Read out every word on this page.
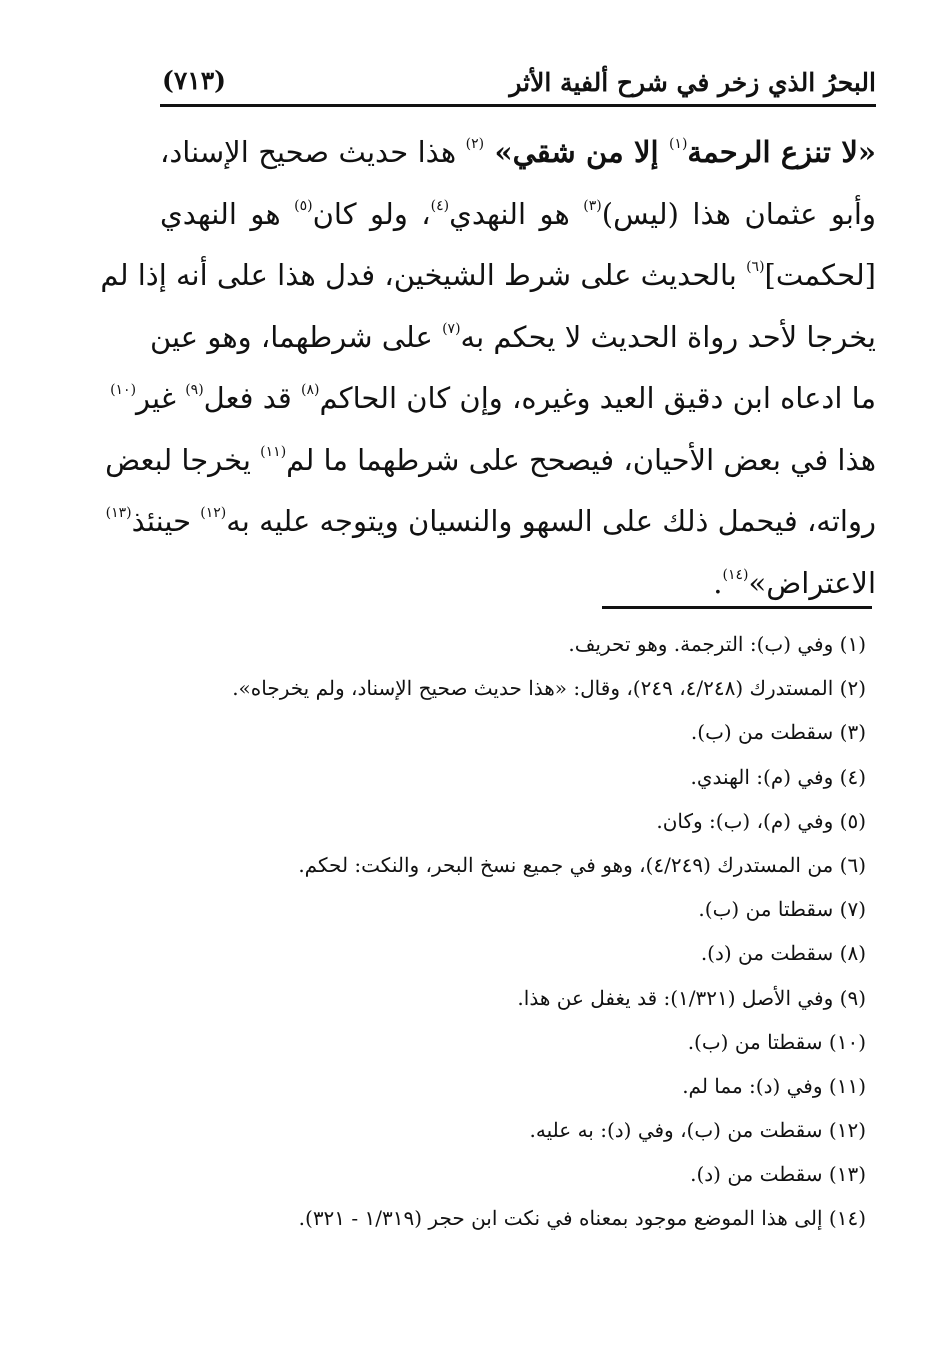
البحرُ الذي زخر في شرح ألفية الأثر
(٧١٣)
«لا تنزع الرحمة$^{(١)}$ إلا من شقي» $^{(٢)}$ هذا حديث صحيح الإسناد،
وأبو عثمان هذا (ليس)$^{(٣)}$ هو النهدي$^{(٤)}$، ولو كان$^{(٥)}$ هو النهدي
[لحكمت]$^{(٦)}$ بالحديث على شرط الشيخين، فدل هذا على أنه إذا لم
يخرجا لأحد رواة الحديث لا يحكم به$^{(٧)}$ على شرطهما، وهو عين
ما ادعاه ابن دقيق العيد وغيره، وإن كان الحاكم$^{(٨)}$ قد فعل$^{(٩)}$ غير$^{(١٠)}$
هذا في بعض الأحيان، فيصحح على شرطهما ما لم$^{(١١)}$ يخرجا لبعض
رواته، فيحمل ذلك على السهو والنسيان ويتوجه عليه به$^{(١٢)}$ حينئذ$^{(١٣)}$
الاعتراض»$^{(١٤)}$.
(١) وفي (ب): الترجمة. وهو تحريف.
(٢) المستدرك (٤/٢٤٨، ٢٤٩)، وقال: «هذا حديث صحيح الإسناد، ولم يخرجاه».
(٣) سقطت من (ب).
(٤) وفي (م): الهندي.
(٥) وفي (م)، (ب): وكان.
(٦) من المستدرك (٤/٢٤٩)، وهو في جميع نسخ البحر، والنكت: لحكم.
(٧) سقطتا من (ب).
(٨) سقطت من (د).
(٩) وفي الأصل (١/٣٢١): قد يغفل عن هذا.
(١٠) سقطتا من (ب).
(١١) وفي (د): مما لم.
(١٢) سقطت من (ب)، وفي (د): به عليه.
(١٣) سقطت من (د).
(١٤) إلى هذا الموضع موجود بمعناه في نكت ابن حجر (١/٣١٩ - ٣٢١).
